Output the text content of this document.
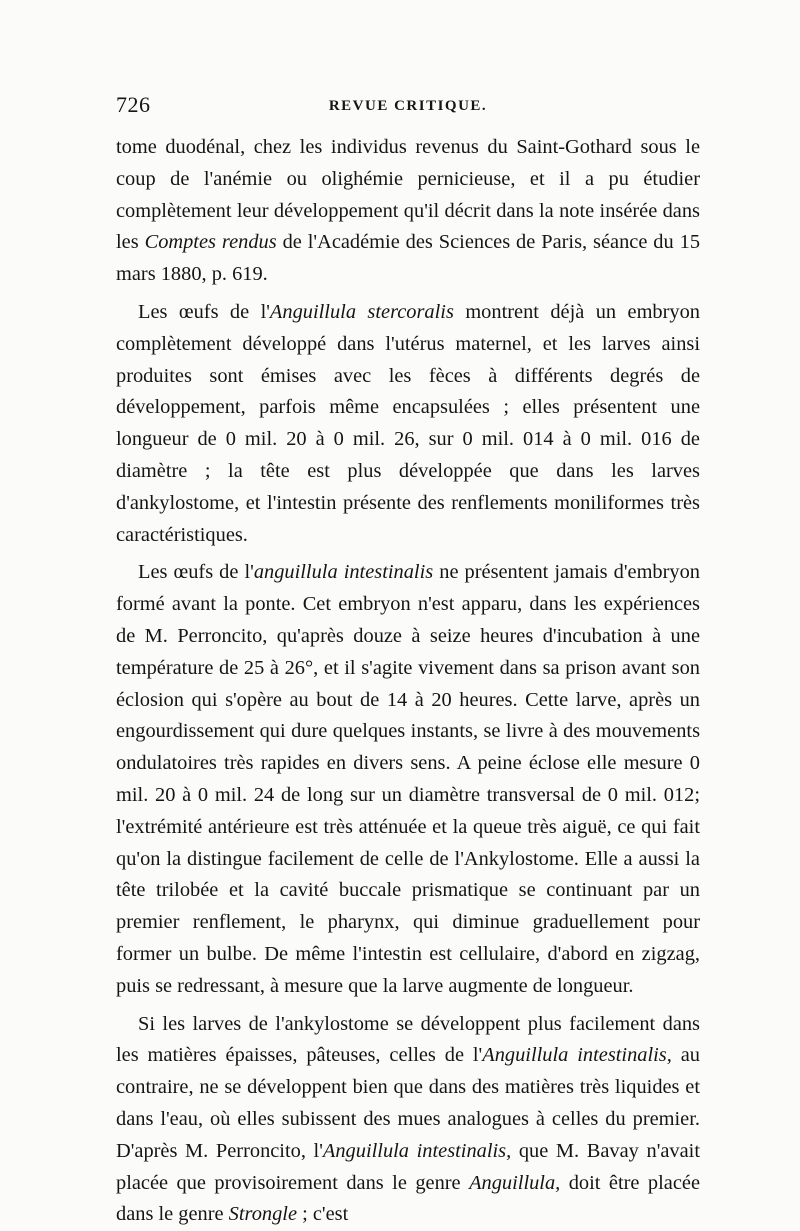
726	REVUE CRITIQUE.

tome duodénal, chez les individus revenus du Saint-Gothard sous le coup de l'anémie ou olighémie pernicieuse, et il a pu étudier complètement leur développement qu'il décrit dans la note insérée dans les Comptes rendus de l'Académie des Sciences de Paris, séance du 15 mars 1880, p. 619.

Les œufs de l'Anguillula stercoralis montrent déjà un embryon complètement développé dans l'utérus maternel, et les larves ainsi produites sont émises avec les fèces à différents degrés de développement, parfois même encapsulées ; elles présentent une longueur de 0 mil. 20 à 0 mil. 26, sur 0 mil. 014 à 0 mil. 016 de diamètre ; la tête est plus développée que dans les larves d'ankylostome, et l'intestin présente des renflements moniliformes très caractéristiques.

Les œufs de l'anguillula intestinalis ne présentent jamais d'embryon formé avant la ponte. Cet embryon n'est apparu, dans les expériences de M. Perroncito, qu'après douze à seize heures d'incubation à une température de 25 à 26°, et il s'agite vivement dans sa prison avant son éclosion qui s'opère au bout de 14 à 20 heures. Cette larve, après un engourdissement qui dure quelques instants, se livre à des mouvements ondulatoires très rapides en divers sens. A peine éclose elle mesure 0 mil. 20 à 0 mil. 24 de long sur un diamètre transversal de 0 mil. 012; l'extrémité antérieure est très atténuée et la queue très aiguë, ce qui fait qu'on la distingue facilement de celle de l'Ankylostome. Elle a aussi la tête trilobée et la cavité buccale prismatique se continuant par un premier renflement, le pharynx, qui diminue graduellement pour former un bulbe. De même l'intestin est cellulaire, d'abord en zigzag, puis se redressant, à mesure que la larve augmente de longueur.

Si les larves de l'ankylostome se développent plus facilement dans les matières épaisses, pâteuses, celles de l'Anguillula intestinalis, au contraire, ne se développent bien que dans des matières très liquides et dans l'eau, où elles subissent des mues analogues à celles du premier. D'après M. Perroncito, l'Anguillula intestinalis, que M. Bavay n'avait placée que provisoirement dans le genre Anguillula, doit être placée dans le genre Strongle ; c'est
